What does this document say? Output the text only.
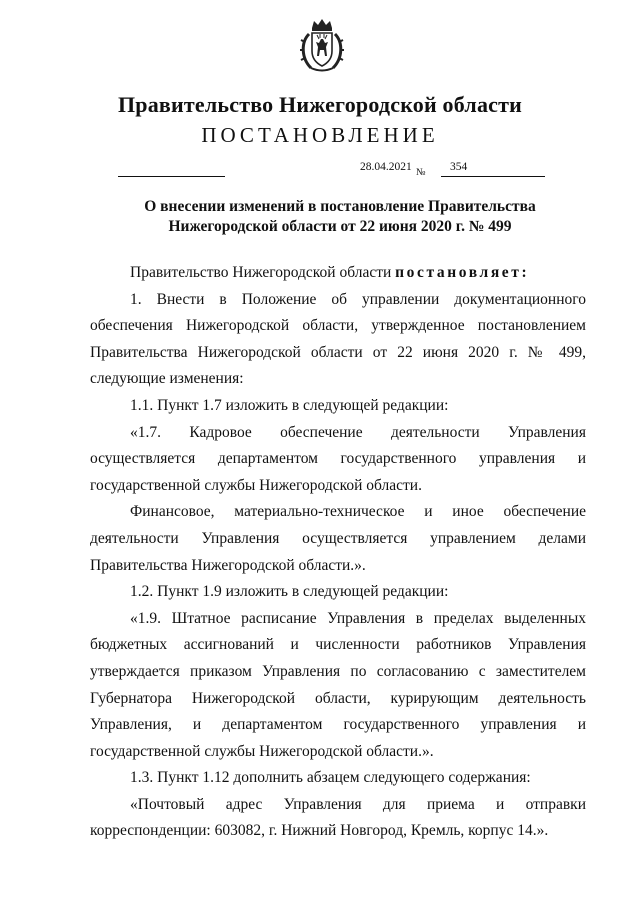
Правительство Нижегородской области
ПОСТАНОВЛЕНИЕ
28.04.2021 № 354
О внесении изменений в постановление Правительства
Нижегородской области от 22 июня 2020 г. № 499

Правительство Нижегородской области постановляет:

1. Внести в Положение об управлении документационного обеспечения Нижегородской области, утвержденное постановлением Правительства Нижегородской области от 22 июня 2020 г. № 499, следующие изменения:

1.1. Пункт 1.7 изложить в следующей редакции:

«1.7. Кадровое обеспечение деятельности Управления осуществляется департаментом государственного управления и государственной службы Нижегородской области.

Финансовое, материально-техническое и иное обеспечение деятельности Управления осуществляется управлением делами Правительства Нижегородской области.».

1.2. Пункт 1.9 изложить в следующей редакции:

«1.9. Штатное расписание Управления в пределах выделенных бюджетных ассигнований и численности работников Управления утверждается приказом Управления по согласованию с заместителем Губернатора Нижегородской области, курирующим деятельность Управления, и департаментом государственного управления и государственной службы Нижегородской области.».

1.3. Пункт 1.12 дополнить абзацем следующего содержания:

«Почтовый адрес Управления для приема и отправки корреспонденции: 603082, г. Нижний Новгород, Кремль, корпус 14.».
